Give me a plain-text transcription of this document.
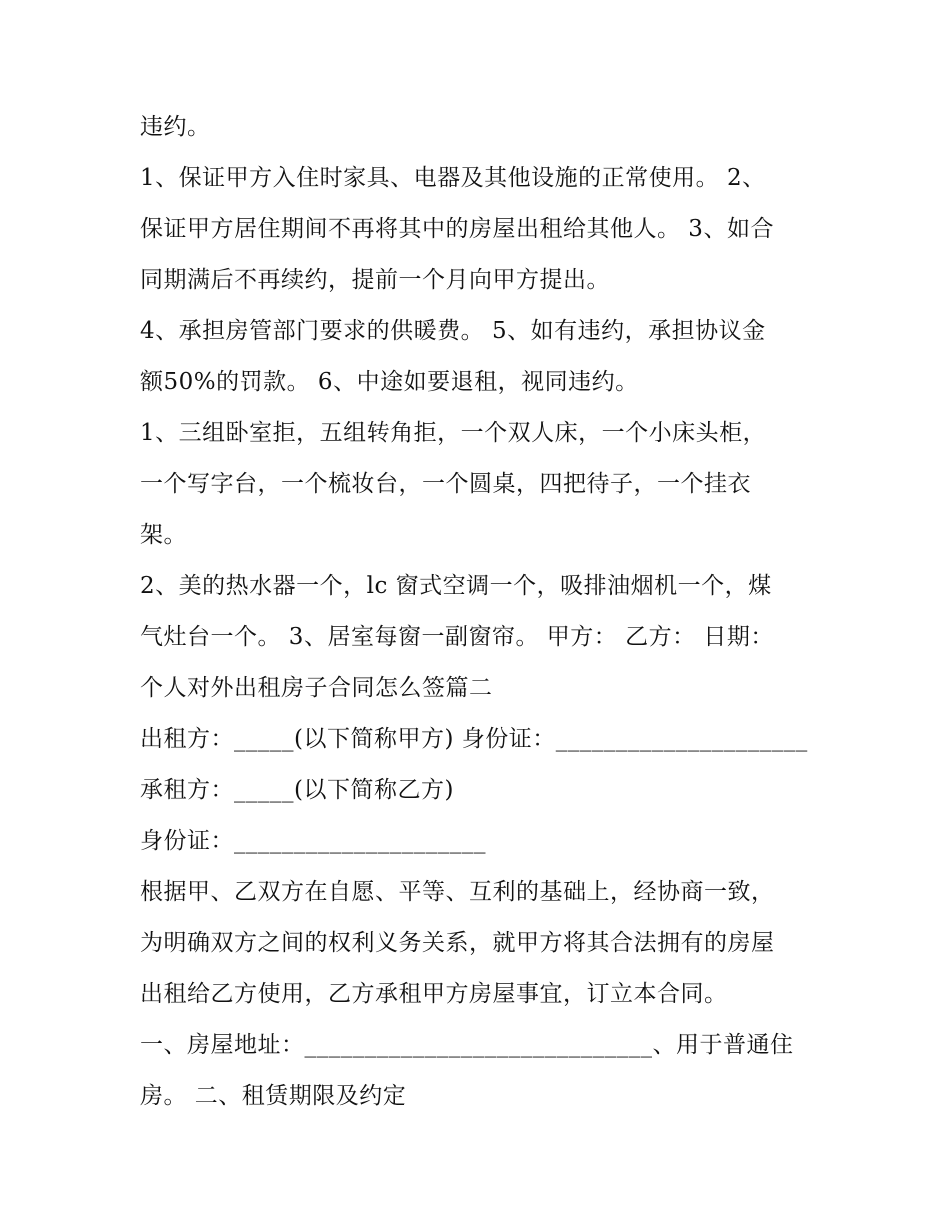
违约。
1、保证甲方入住时家具、电器及其他设施的正常使用。 2、
保证甲方居住期间不再将其中的房屋出租给其他人。 3、如合
同期满后不再续约，提前一个月向甲方提出。
4、承担房管部门要求的供暖费。 5、如有违约，承担协议金
额50%的罚款。 6、中途如要退租，视同违约。
1、三组卧室拒，五组转角拒，一个双人床，一个小床头柜，
一个写字台，一个梳妆台，一个圆桌，四把待子，一个挂衣
架。
2、美的热水器一个，lc 窗式空调一个，吸排油烟机一个，煤
气灶台一个。 3、居室每窗一副窗帘。 甲方： 乙方： 日期：
个人对外出租房子合同怎么签篇二
出租方：_____(以下简称甲方) 身份证：_____________________
承租方：_____(以下简称乙方)
身份证：_____________________
根据甲、乙双方在自愿、平等、互利的基础上，经协商一致，
为明确双方之间的权利义务关系，就甲方将其合法拥有的房屋
出租给乙方使用，乙方承租甲方房屋事宜，订立本合同。
一、房屋地址：_____________________________、用于普通住
房。 二、租赁期限及约定
